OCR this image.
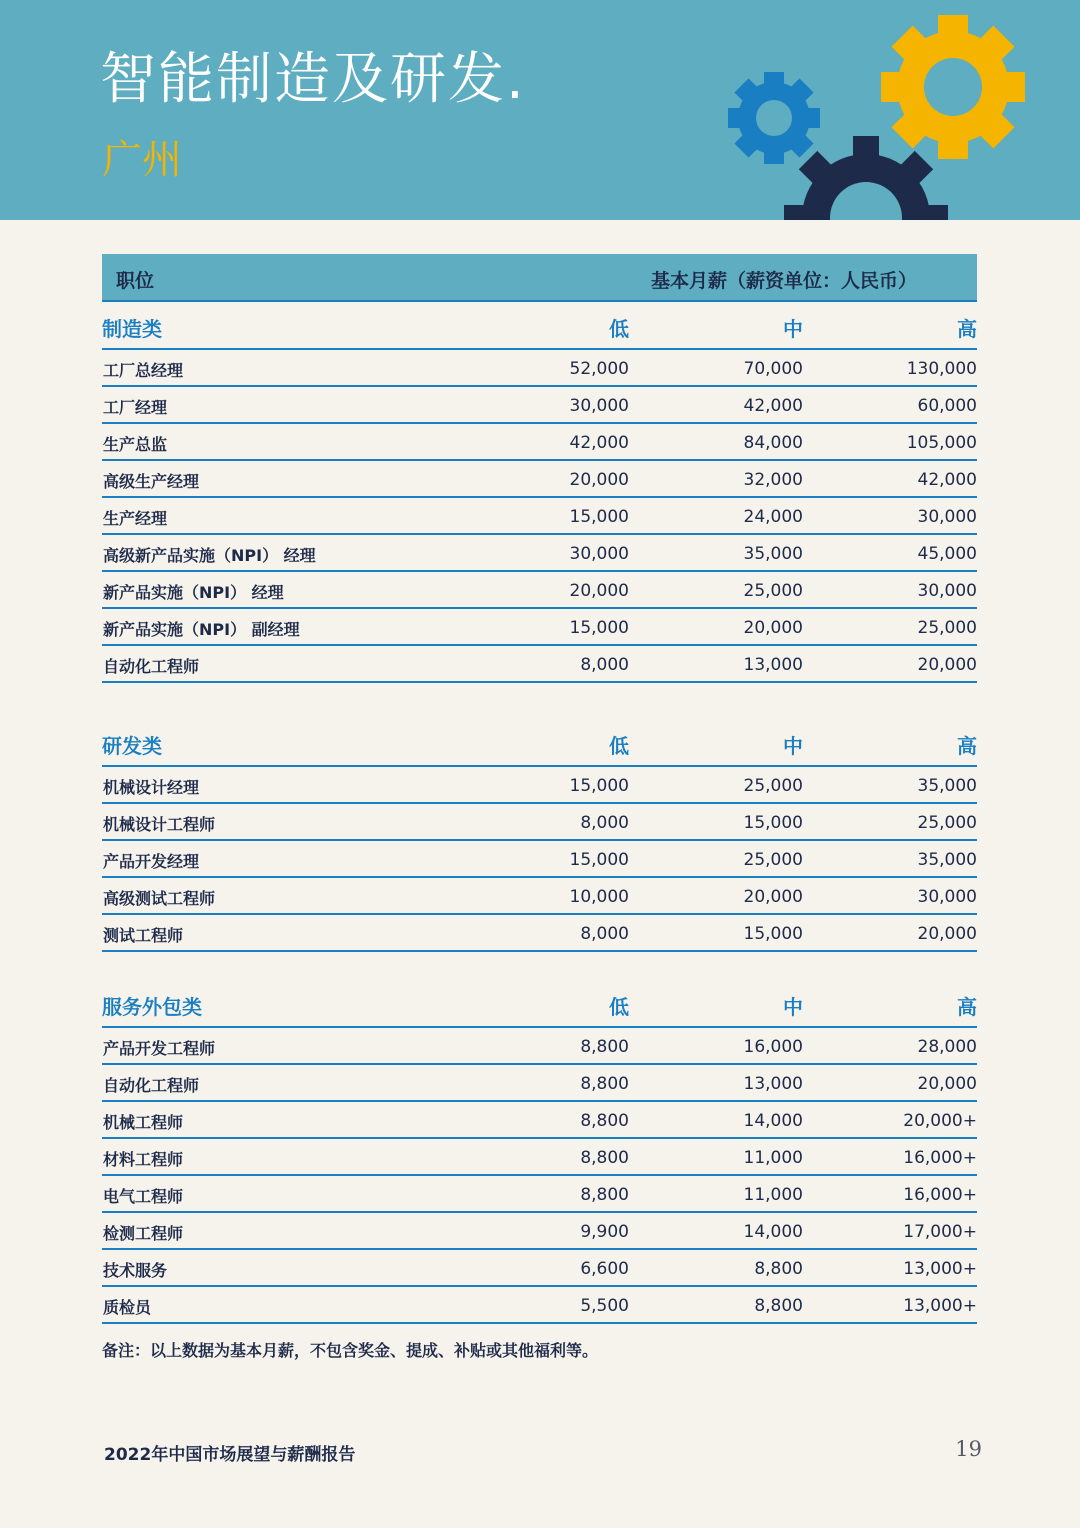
智能制造及研发.
广州
职位	基本月薪（薪资单位：人民币）
制造类	低	中	高
工厂总经理	52,000	70,000	130,000
工厂经理	30,000	42,000	60,000
生产总监	42,000	84,000	105,000
高级生产经理	20,000	32,000	42,000
生产经理	15,000	24,000	30,000
高级新产品实施（NPI） 经理	30,000	35,000	45,000
新产品实施（NPI） 经理	20,000	25,000	30,000
新产品实施（NPI） 副经理	15,000	20,000	25,000
自动化工程师	8,000	13,000	20,000
研发类	低	中	高
机械设计经理	15,000	25,000	35,000
机械设计工程师	8,000	15,000	25,000
产品开发经理	15,000	25,000	35,000
高级测试工程师	10,000	20,000	30,000
测试工程师	8,000	15,000	20,000
服务外包类	低	中	高
产品开发工程师	8,800	16,000	28,000
自动化工程师	8,800	13,000	20,000
机械工程师	8,800	14,000	20,000+
材料工程师	8,800	11,000	16,000+
电气工程师	8,800	11,000	16,000+
检测工程师	9,900	14,000	17,000+
技术服务	6,600	8,800	13,000+
质检员	5,500	8,800	13,000+
备注：以上数据为基本月薪，不包含奖金、提成、补贴或其他福利等。
2022年中国市场展望与薪酬报告	19
